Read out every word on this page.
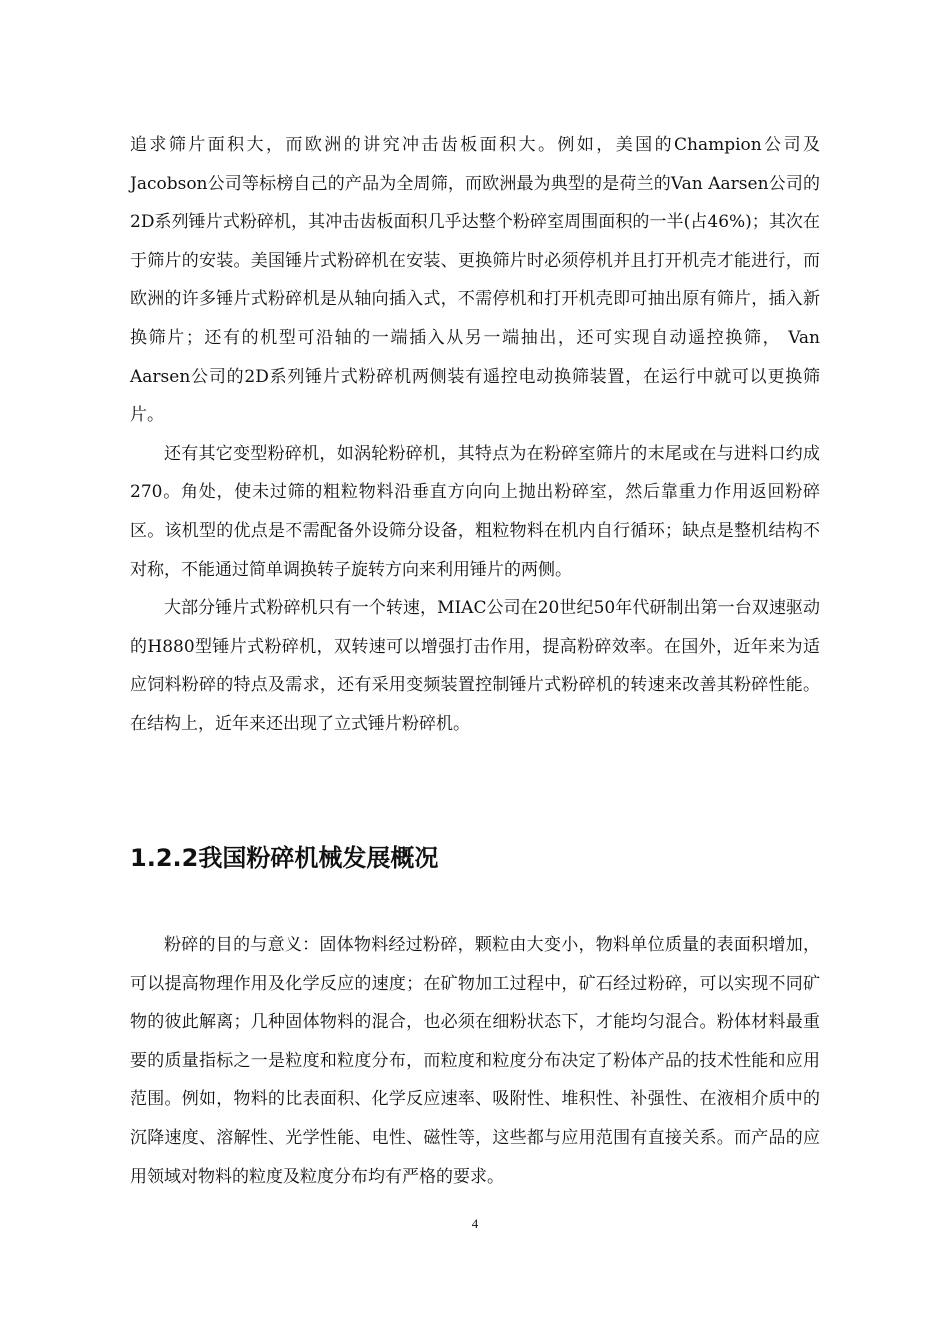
追求筛片面积大，而欧洲的讲究冲击齿板面积大。例如，美国的Champion公司及Jacobson公司等标榜自己的产品为全周筛，而欧洲最为典型的是荷兰的Van Aarsen公司的2D系列锤片式粉碎机，其冲击齿板面积几乎达整个粉碎室周围面积的一半(占46%)；其次在于筛片的安装。美国锤片式粉碎机在安装、更换筛片时必须停机并且打开机壳才能进行，而欧洲的许多锤片式粉碎机是从轴向插入式，不需停机和打开机壳即可抽出原有筛片，插入新换筛片；还有的机型可沿轴的一端插入从另一端抽出，还可实现自动遥控换筛， Van Aarsen公司的2D系列锤片式粉碎机两侧装有遥控电动换筛装置，在运行中就可以更换筛片。

还有其它变型粉碎机，如涡轮粉碎机，其特点为在粉碎室筛片的末尾或在与进料口约成270。角处，使未过筛的粗粒物料沿垂直方向向上抛出粉碎室，然后靠重力作用返回粉碎区。该机型的优点是不需配备外设筛分设备，粗粒物料在机内自行循环；缺点是整机结构不对称，不能通过简单调换转子旋转方向来利用锤片的两侧。

大部分锤片式粉碎机只有一个转速，MIAC公司在20世纪50年代研制出第一台双速驱动的H880型锤片式粉碎机，双转速可以增强打击作用，提高粉碎效率。在国外，近年来为适应饲料粉碎的特点及需求，还有采用变频装置控制锤片式粉碎机的转速来改善其粉碎性能。在结构上，近年来还出现了立式锤片粉碎机。

1.2.2我国粉碎机械发展概况

粉碎的目的与意义：固体物料经过粉碎，颗粒由大变小，物料单位质量的表面积增加，可以提高物理作用及化学反应的速度；在矿物加工过程中，矿石经过粉碎，可以实现不同矿物的彼此解离；几种固体物料的混合，也必须在细粉状态下，才能均匀混合。粉体材料最重要的质量指标之一是粒度和粒度分布，而粒度和粒度分布决定了粉体产品的技术性能和应用范围。例如，物料的比表面积、化学反应速率、吸附性、堆积性、补强性、在液相介质中的沉降速度、溶解性、光学性能、电性、磁性等，这些都与应用范围有直接关系。而产品的应用领域对物料的粒度及粒度分布均有严格的要求。

4
